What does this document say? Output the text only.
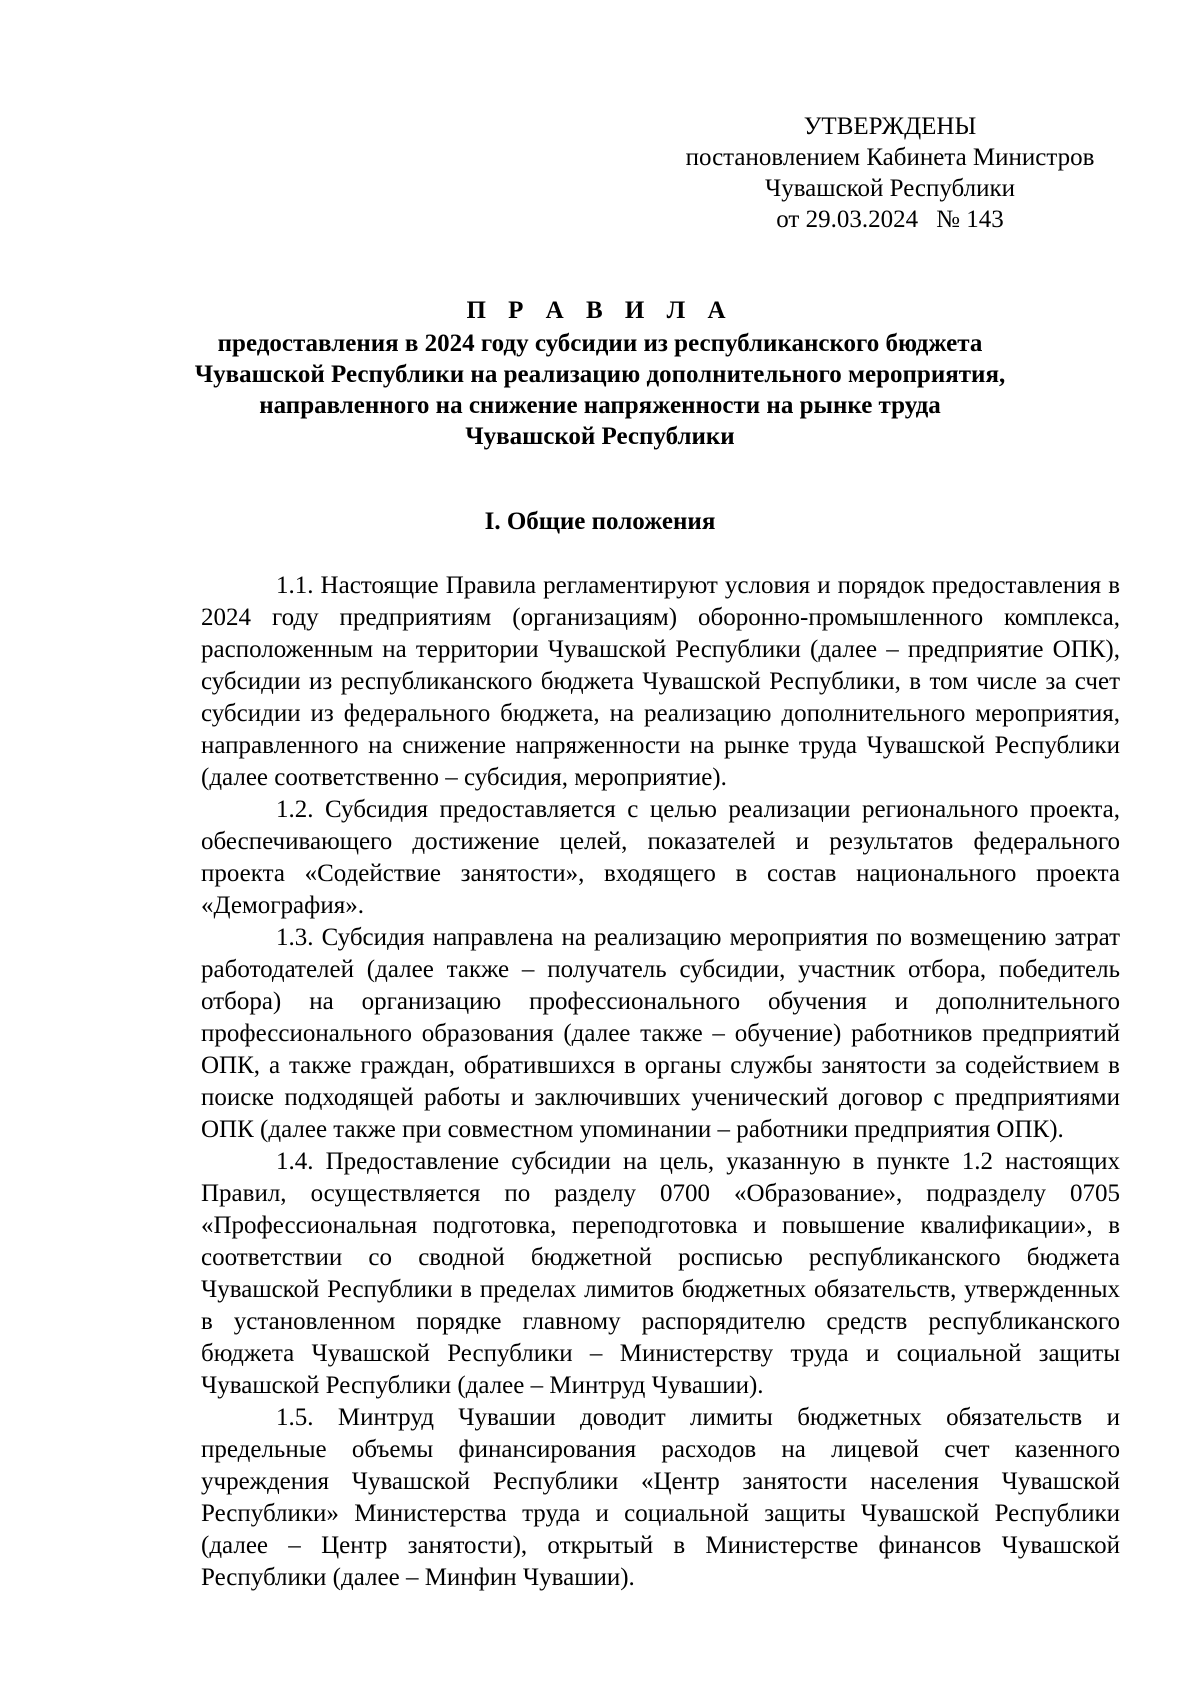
УТВЕРЖДЕНЫ
постановлением Кабинета Министров
Чувашской Республики
от 29.03.2024 № 143
П Р А В И Л А
предоставления в 2024 году субсидии из республиканского бюджета
Чувашской Республики на реализацию дополнительного мероприятия,
направленного на снижение напряженности на рынке труда
Чувашской Республики
I. Общие положения

1.1. Настоящие Правила регламентируют условия и порядок предоставления в 2024 году предприятиям (организациям) оборонно-промышленного комплекса, расположенным на территории Чувашской Республики (далее – предприятие ОПК), субсидии из республиканского бюджета Чувашской Республики, в том числе за счет субсидии из федерального бюджета, на реализацию дополнительного мероприятия, направленного на снижение напряженности на рынке труда Чувашской Республики (далее соответственно – субсидия, мероприятие).

1.2. Субсидия предоставляется с целью реализации регионального проекта, обеспечивающего достижение целей, показателей и результатов федерального проекта «Содействие занятости», входящего в состав национального проекта «Демография».

1.3. Субсидия направлена на реализацию мероприятия по возмещению затрат работодателей (далее также – получатель субсидии, участник отбора, победитель отбора) на организацию профессионального обучения и дополнительного профессионального образования (далее также – обучение) работников предприятий ОПК, а также граждан, обратившихся в органы службы занятости за содействием в поиске подходящей работы и заключивших ученический договор с предприятиями ОПК (далее также при совместном упоминании – работники предприятия ОПК).

1.4. Предоставление субсидии на цель, указанную в пункте 1.2 настоящих Правил, осуществляется по разделу 0700 «Образование», подразделу 0705 «Профессиональная подготовка, переподготовка и повышение квалификации», в соответствии со сводной бюджетной росписью республиканского бюджета Чувашской Республики в пределах лимитов бюджетных обязательств, утвержденных в установленном порядке главному распорядителю средств республиканского бюджета Чувашской Республики – Министерству труда и социальной защиты Чувашской Республики (далее – Минтруд Чувашии).

1.5. Минтруд Чувашии доводит лимиты бюджетных обязательств и предельные объемы финансирования расходов на лицевой счет казенного учреждения Чувашской Республики «Центр занятости населения Чувашской Республики» Министерства труда и социальной защиты Чувашской Республики (далее – Центр занятости), открытый в Министерстве финансов Чувашской Республики (далее – Минфин Чувашии).
